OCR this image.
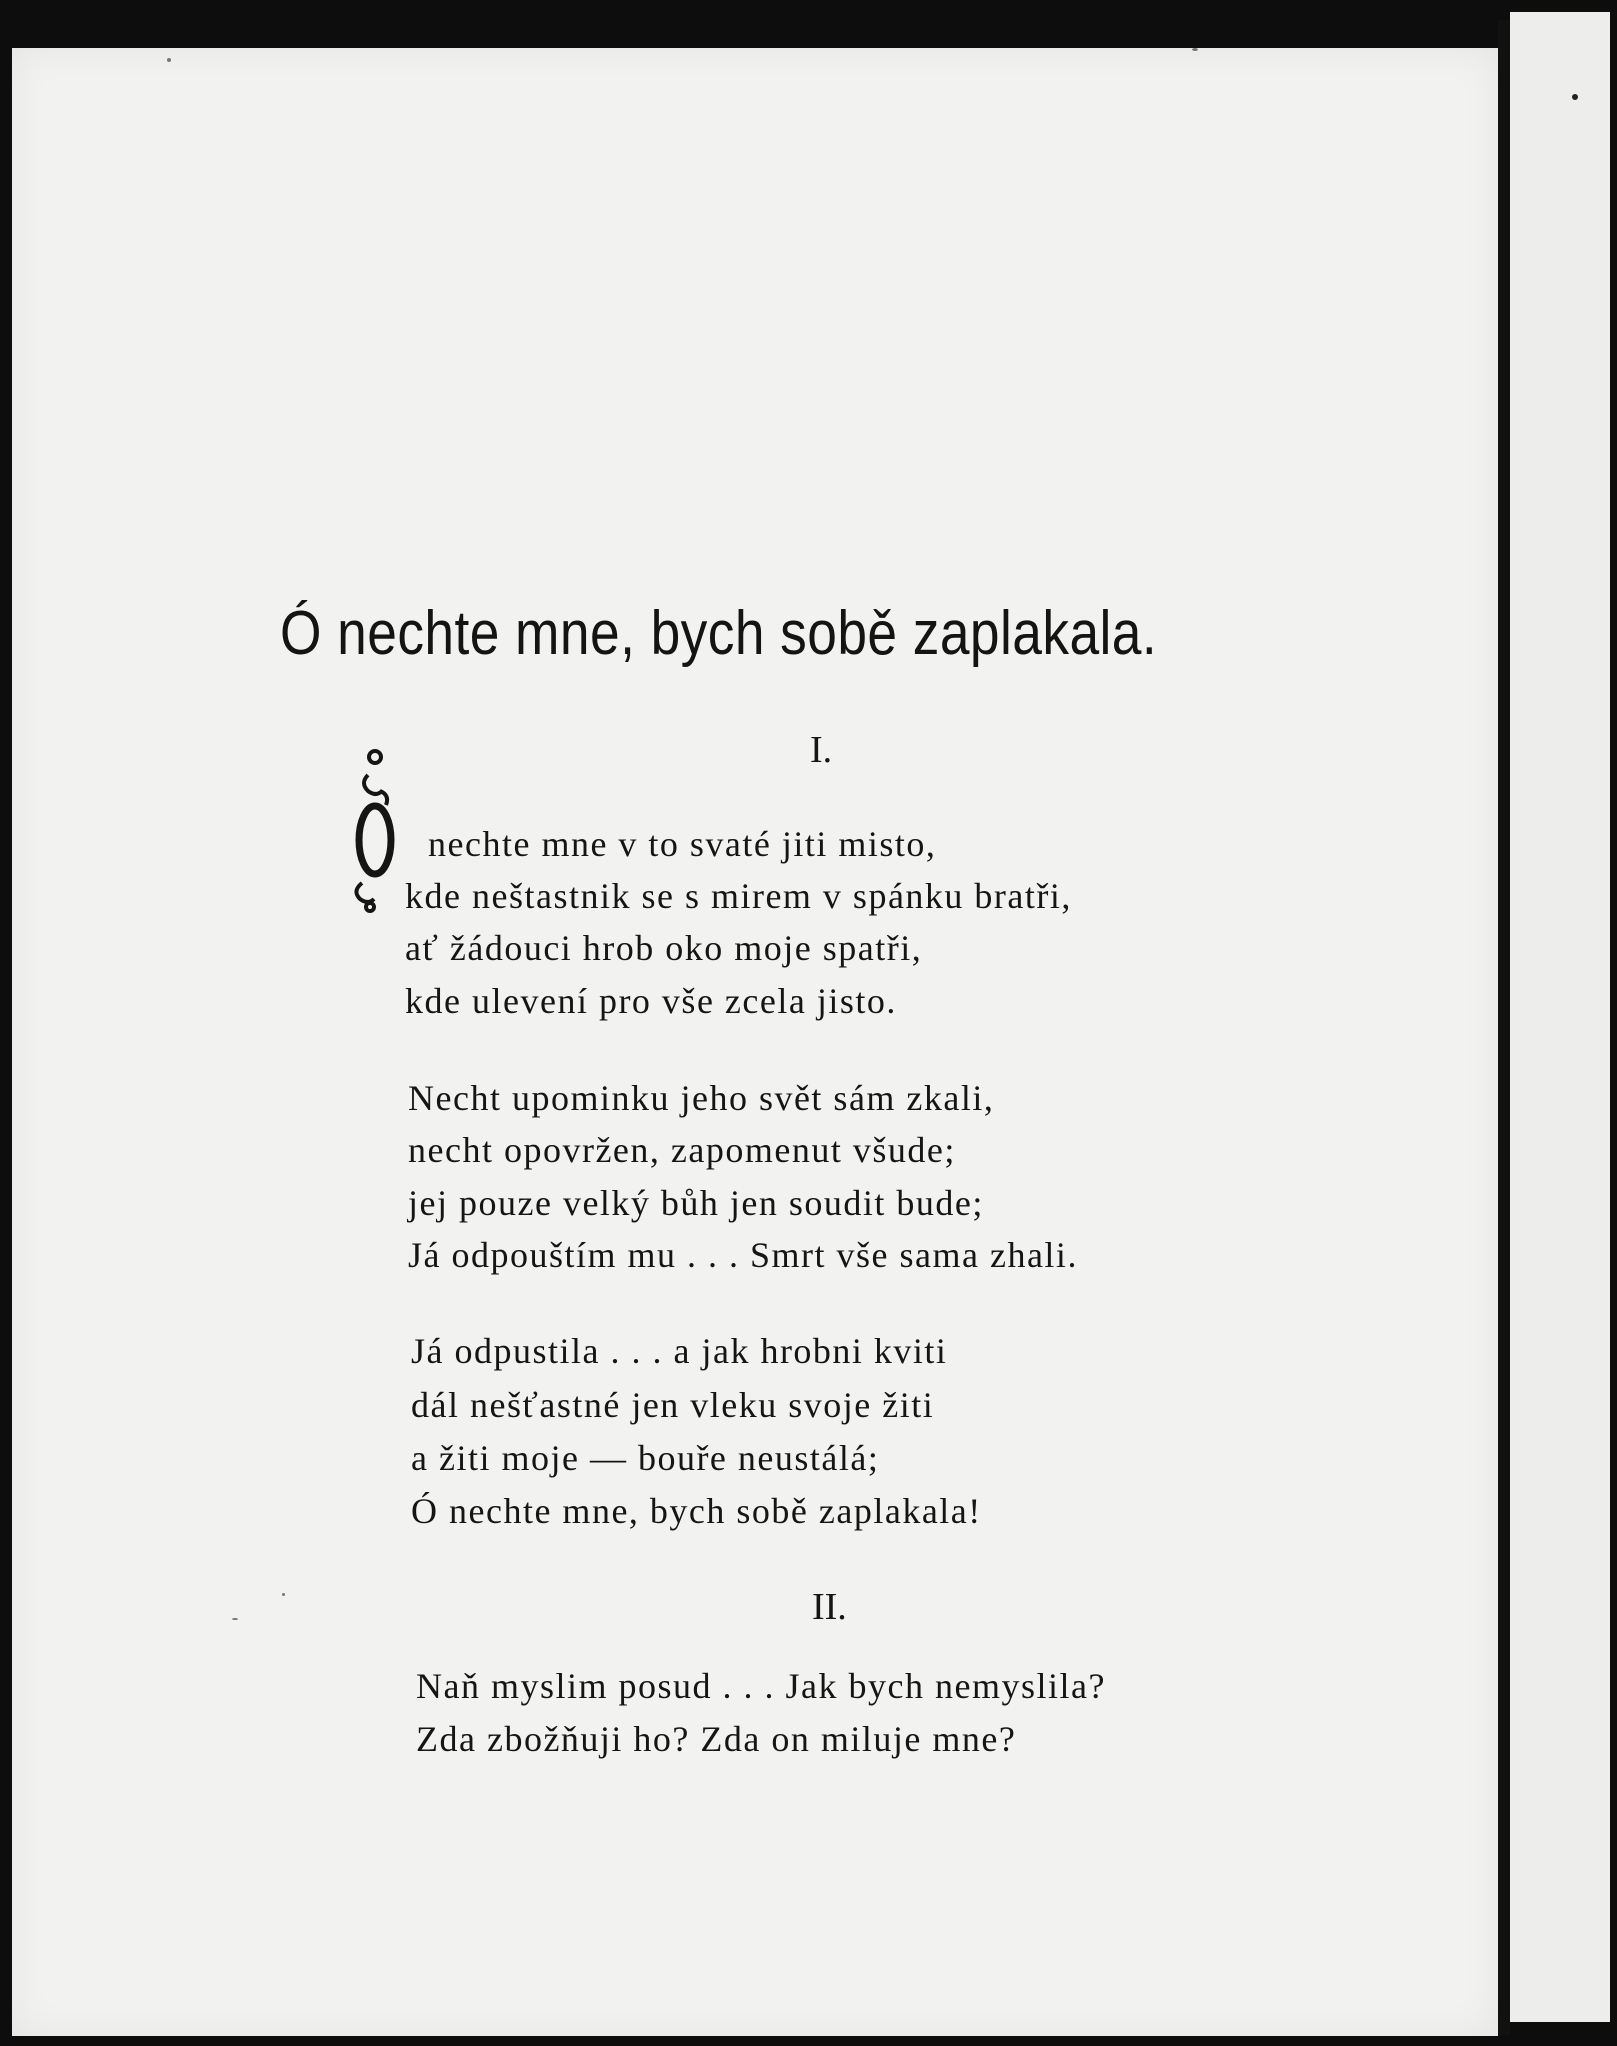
Ó nechte mne, bych sobě zaplakala.
I.
nechte mne v to svaté jiti misto,
kde neštastnik se s mirem v spánku bratři,
ať žádouci hrob oko moje spatři,
kde ulevení pro vše zcela jisto.
Necht upominku jeho svět sám zkali,
necht opovržen, zapomenut všude;
jej pouze velký bůh jen soudit bude;
Já odpouštím mu . . . Smrt vše sama zhali.
Já odpustila . . . a jak hrobni kviti
dál nešťastné jen vleku svoje žiti
a žiti moje — bouře neustálá;
Ó nechte mne, bych sobě zaplakala!
II.
Naň myslim posud . . . Jak bych nemyslila?
Zda zbožňuji ho? Zda on miluje mne?
